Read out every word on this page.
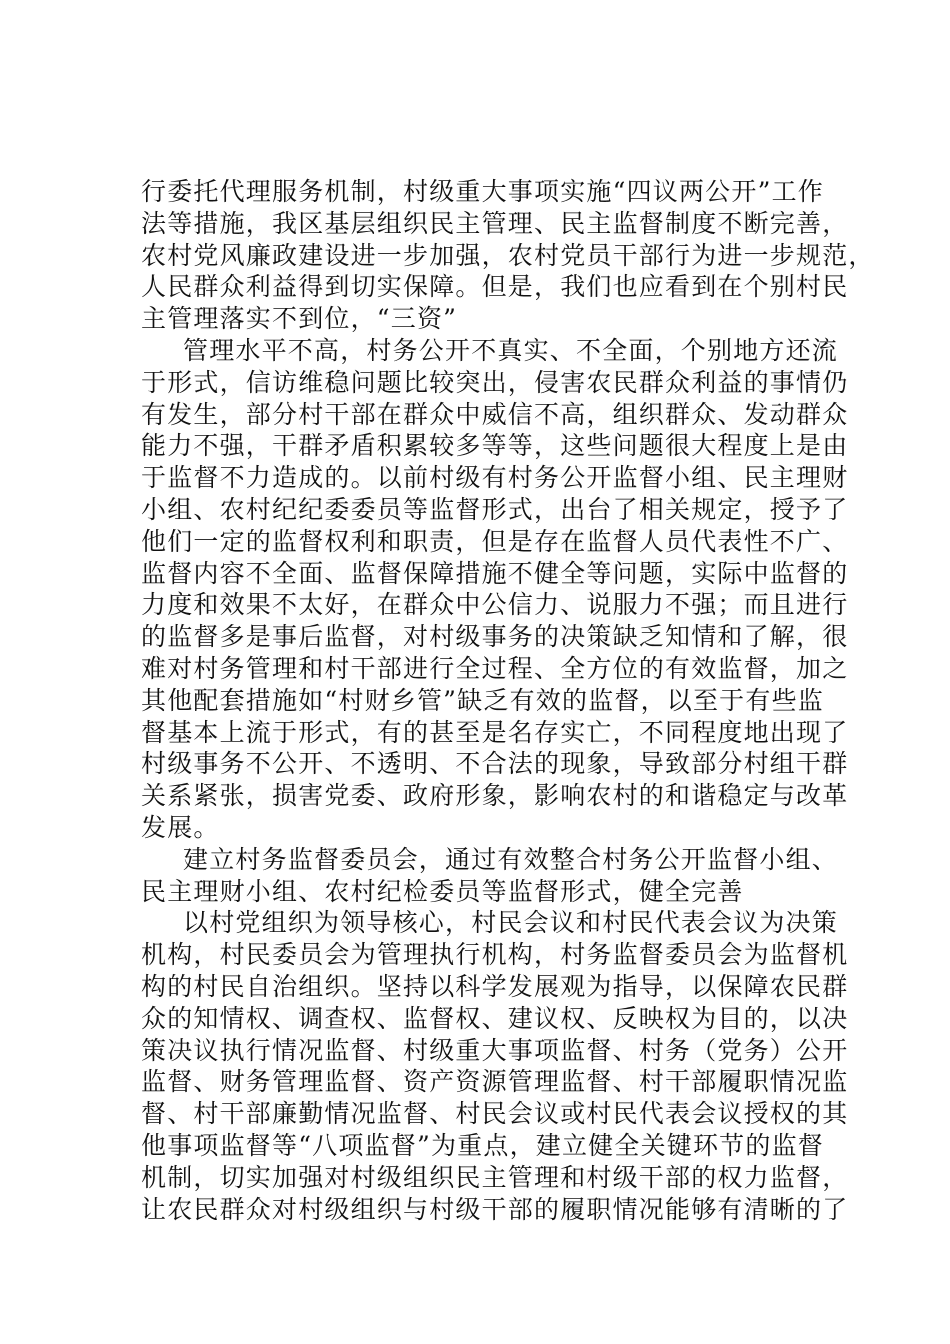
行委托代理服务机制，村级重大事项实施“四议两公开”工作
法等措施，我区基层组织民主管理、民主监督制度不断完善，
农村党风廉政建设进一步加强，农村党员干部行为进一步规范，
人民群众利益得到切实保障。但是，我们也应看到在个别村民
主管理落实不到位，“三资”
管理水平不高，村务公开不真实、不全面，个别地方还流
于形式，信访维稳问题比较突出，侵害农民群众利益的事情仍
有发生，部分村干部在群众中威信不高，组织群众、发动群众
能力不强，干群矛盾积累较多等等，这些问题很大程度上是由
于监督不力造成的。以前村级有村务公开监督小组、民主理财
小组、农村纪纪委委员等监督形式，出台了相关规定，授予了
他们一定的监督权利和职责，但是存在监督人员代表性不广、
监督内容不全面、监督保障措施不健全等问题，实际中监督的
力度和效果不太好，在群众中公信力、说服力不强；而且进行
的监督多是事后监督，对村级事务的决策缺乏知情和了解，很
难对村务管理和村干部进行全过程、全方位的有效监督，加之
其他配套措施如“村财乡管”缺乏有效的监督，以至于有些监
督基本上流于形式，有的甚至是名存实亡，不同程度地出现了
村级事务不公开、不透明、不合法的现象，导致部分村组干群
关系紧张，损害党委、政府形象，影响农村的和谐稳定与改革
发展。
建立村务监督委员会，通过有效整合村务公开监督小组、
民主理财小组、农村纪检委员等监督形式，健全完善
以村党组织为领导核心，村民会议和村民代表会议为决策
机构，村民委员会为管理执行机构，村务监督委员会为监督机
构的村民自治组织。坚持以科学发展观为指导，以保障农民群
众的知情权、调查权、监督权、建议权、反映权为目的，以决
策决议执行情况监督、村级重大事项监督、村务（党务）公开
监督、财务管理监督、资产资源管理监督、村干部履职情况监
督、村干部廉勤情况监督、村民会议或村民代表会议授权的其
他事项监督等“八项监督”为重点，建立健全关键环节的监督
机制，切实加强对村级组织民主管理和村级干部的权力监督，
让农民群众对村级组织与村级干部的履职情况能够有清晰的了
